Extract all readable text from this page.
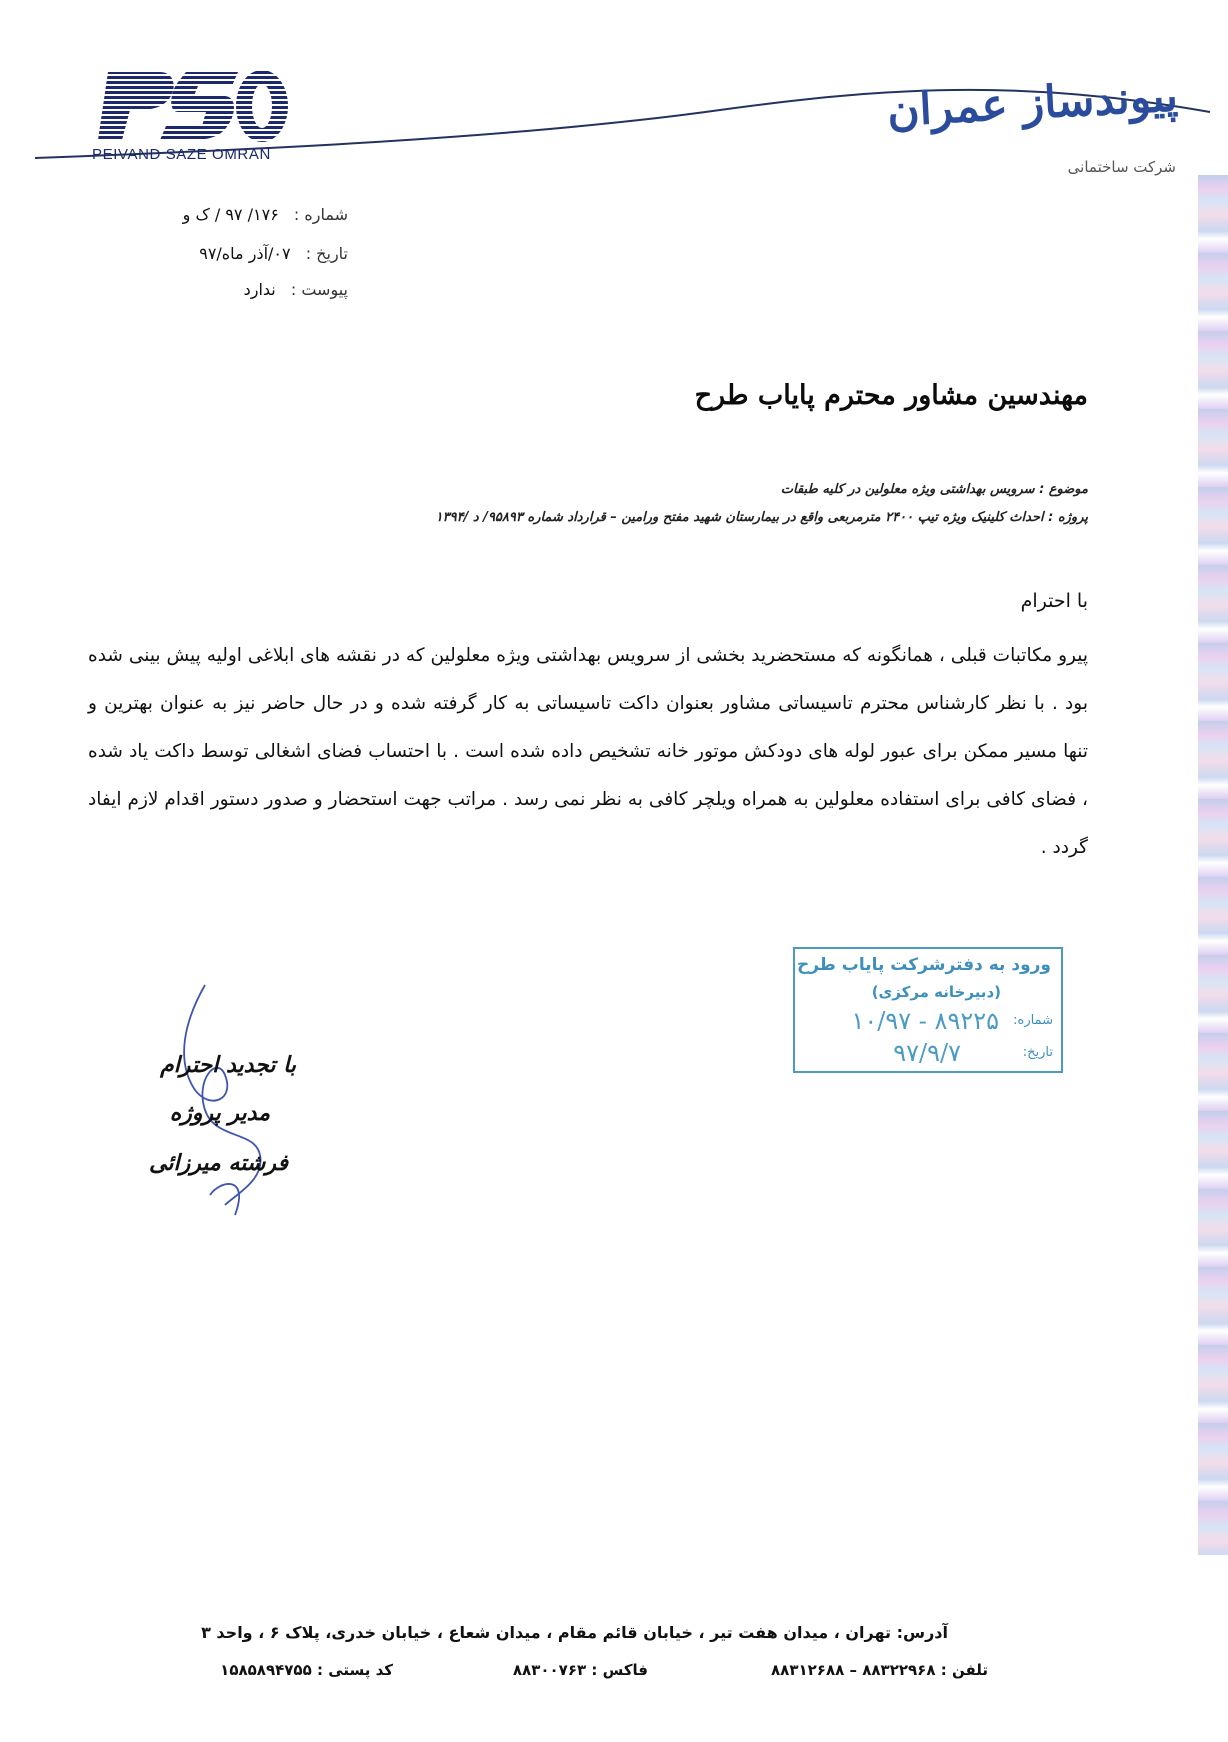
PEIVAND SAZE OMRAN
پیوندساز عمران
شرکت ساختمانی
شماره : ۱۷۶/ ۹۷ / ک و
تاریخ : ۰۷/آذر ماه/۹۷
پیوست : ندارد
مهندسین مشاور محترم پایاب طرح
موضوع : سرویس بهداشتی ویژه معلولین در کلیه طبقات
پروژه : احداث کلینیک ویژه تیپ ۲۴۰۰ مترمربعی واقع در بیمارستان شهید مفتح ورامین – قرارداد شماره ۹۵۸۹۳/ د /۱۳۹۴
با احترام
پیرو مکاتبات قبلی ، همانگونه که مستحضرید بخشی از سرویس بهداشتی ویژه معلولین که در نقشه های ابلاغی اولیه پیش بینی شده بود . با نظر کارشناس محترم تاسیساتی مشاور بعنوان داکت تاسیساتی به کار گرفته شده و در حال حاضر نیز به عنوان بهترین و تنها مسیر ممکن برای عبور لوله های دودکش موتور خانه تشخیص داده شده است . با احتساب فضای اشغالی توسط داکت یاد شده ، فضای کافی برای استفاده معلولین به همراه ویلچر کافی به نظر نمی رسد . مراتب جهت استحضار و صدور دستور اقدام لازم ایفاد گردد .
ورود به دفترشرکت پایاب طرح
(دبیرخانه مرکزی)
شماره:
۸۹۲۲۵ - ۱۰/۹۷
تاریخ:
۹۷/۹/۷
با تجدید احترام
مدیر پروژه
فرشته میرزائی
آدرس: تهران ، میدان هفت تیر ، خیابان قائم مقام ، میدان شعاع ، خیابان خدری، پلاک ۶ ، واحد ۳
تلفن : ۸۸۳۲۲۹۶۸ – ۸۸۳۱۲۶۸۸
فاکس : ۸۸۳۰۰۷۶۳
کد پستی : ۱۵۸۵۸۹۴۷۵۵
